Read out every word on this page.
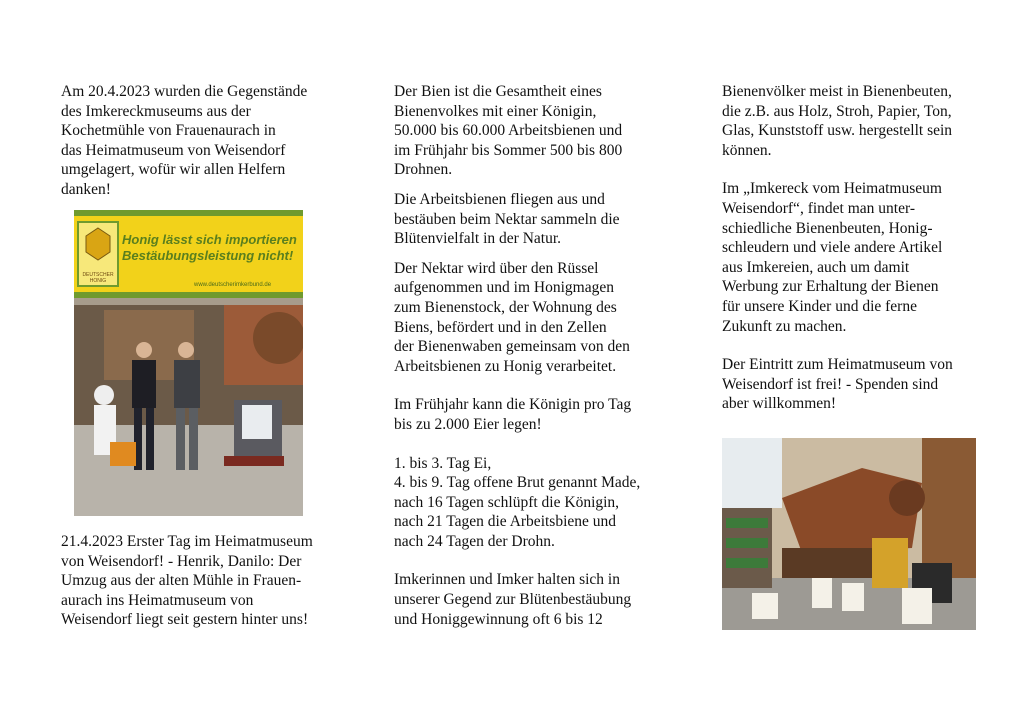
Am 20.4.2023 wurden die Gegenstände
des Imkereckmuseums aus der
Kochetmühle von Frauenaurach in
das Heimatmuseum von Weisendorf
umgelagert, wofür wir allen Helfern
danken!

Honig lässt sich importieren
Bestäubungsleistung nicht!
DEUTSCHER HONIG
www.deutscherimkerbund.de

21.4.2023 Erster Tag im Heimatmuseum
von Weisendorf! - Henrik, Danilo: Der
Umzug aus der alten Mühle in Frauen-
aurach ins Heimatmuseum von
Weisendorf liegt seit gestern hinter uns!

Der Bien ist die Gesamtheit eines
Bienenvolkes mit einer Königin,
50.000 bis 60.000 Arbeitsbienen und
im Frühjahr bis Sommer 500 bis 800
Drohnen.

Die Arbeitsbienen fliegen aus und
bestäuben beim Nektar sammeln die
Blütenvielfalt in der Natur.

Der Nektar wird über den Rüssel
aufgenommen und im Honigmagen
zum Bienenstock, der Wohnung des
Biens, befördert und in den Zellen
der Bienenwaben gemeinsam von den
Arbeitsbienen zu Honig verarbeitet.

Im Frühjahr kann die Königin pro Tag
bis zu 2.000 Eier legen!

1. bis 3. Tag Ei,
4. bis 9. Tag offene Brut genannt Made,
nach 16 Tagen schlüpft die Königin,
nach 21 Tagen die Arbeitsbiene und
nach 24 Tagen der Drohn.

Imkerinnen und Imker halten sich in
unserer Gegend zur Blütenbestäubung
und Honiggewinnung oft 6 bis 12

Bienenvölker meist in Bienenbeuten,
die z.B. aus Holz, Stroh, Papier, Ton,
Glas, Kunststoff usw. hergestellt sein
können.

Im „Imkereck vom Heimatmuseum
Weisendorf“, findet man unter-
schiedliche Bienenbeuten, Honig-
schleudern und viele andere Artikel
aus Imkereien, auch um damit
Werbung zur Erhaltung der Bienen
für unsere Kinder und die ferne
Zukunft zu machen.

Der Eintritt zum Heimatmuseum von
Weisendorf ist frei! - Spenden sind
aber willkommen!
